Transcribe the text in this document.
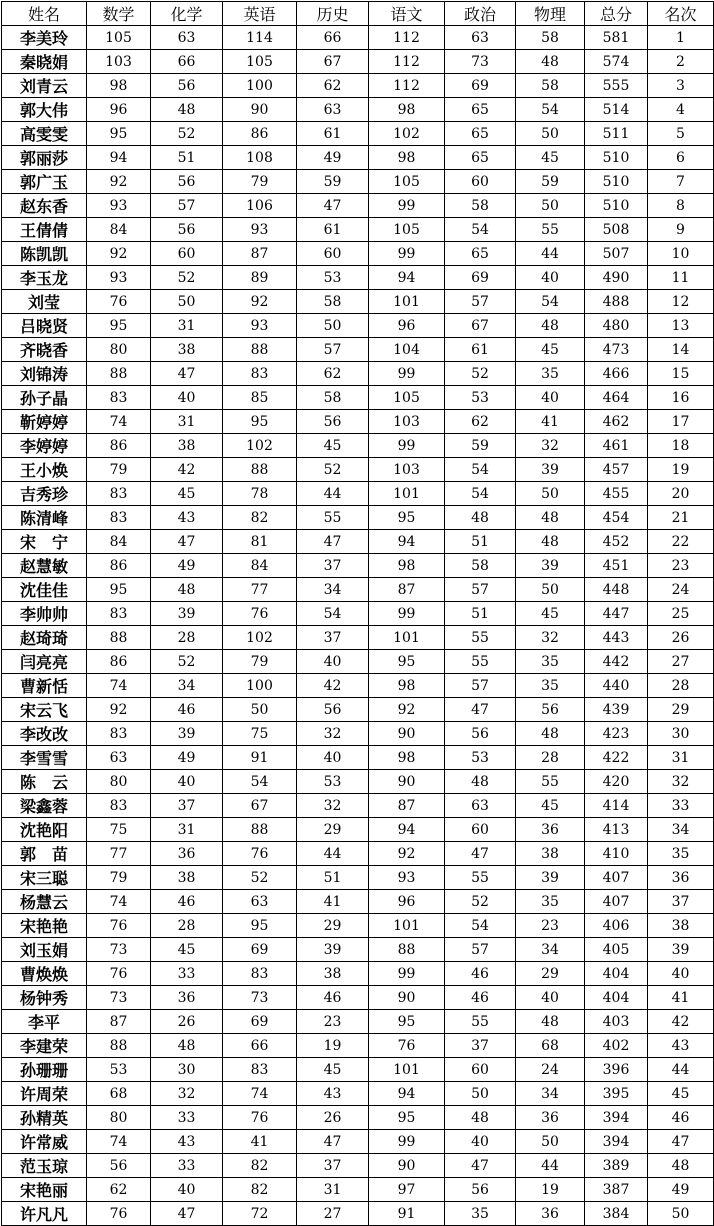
姓名	数学	化学	英语	历史	语文	政治	物理	总分	名次
李美玲	105	63	114	66	112	63	58	581	1
秦晓娟	103	66	105	67	112	73	48	574	2
刘青云	98	56	100	62	112	69	58	555	3
郭大伟	96	48	90	63	98	65	54	514	4
高雯雯	95	52	86	61	102	65	50	511	5
郭丽莎	94	51	108	49	98	65	45	510	6
郭广玉	92	56	79	59	105	60	59	510	7
赵东香	93	57	106	47	99	58	50	510	8
王倩倩	84	56	93	61	105	54	55	508	9
陈凯凯	92	60	87	60	99	65	44	507	10
李玉龙	93	52	89	53	94	69	40	490	11
刘莹	76	50	92	58	101	57	54	488	12
吕晓贤	95	31	93	50	96	67	48	480	13
齐晓香	80	38	88	57	104	61	45	473	14
刘锦涛	88	47	83	62	99	52	35	466	15
孙子晶	83	40	85	58	105	53	40	464	16
靳婷婷	74	31	95	56	103	62	41	462	17
李婷婷	86	38	102	45	99	59	32	461	18
王小焕	79	42	88	52	103	54	39	457	19
吉秀珍	83	45	78	44	101	54	50	455	20
陈清峰	83	43	82	55	95	48	48	454	21
宋　宁	84	47	81	47	94	51	48	452	22
赵慧敏	86	49	84	37	98	58	39	451	23
沈佳佳	95	48	77	34	87	57	50	448	24
李帅帅	83	39	76	54	99	51	45	447	25
赵琦琦	88	28	102	37	101	55	32	443	26
闫亮亮	86	52	79	40	95	55	35	442	27
曹新恬	74	34	100	42	98	57	35	440	28
宋云飞	92	46	50	56	92	47	56	439	29
李改改	83	39	75	32	90	56	48	423	30
李雪雪	63	49	91	40	98	53	28	422	31
陈　云	80	40	54	53	90	48	55	420	32
梁鑫蓉	83	37	67	32	87	63	45	414	33
沈艳阳	75	31	88	29	94	60	36	413	34
郭　苗	77	36	76	44	92	47	38	410	35
宋三聪	79	38	52	51	93	55	39	407	36
杨慧云	74	46	63	41	96	52	35	407	37
宋艳艳	76	28	95	29	101	54	23	406	38
刘玉娟	73	45	69	39	88	57	34	405	39
曹焕焕	76	33	83	38	99	46	29	404	40
杨钟秀	73	36	73	46	90	46	40	404	41
李平	87	26	69	23	95	55	48	403	42
李建荣	88	48	66	19	76	37	68	402	43
孙珊珊	53	30	83	45	101	60	24	396	44
许周荣	68	32	74	43	94	50	34	395	45
孙精英	80	33	76	26	95	48	36	394	46
许常威	74	43	41	47	99	40	50	394	47
范玉琼	56	33	82	37	90	47	44	389	48
宋艳丽	62	40	82	31	97	56	19	387	49
许凡凡	76	47	72	27	91	35	36	384	50
